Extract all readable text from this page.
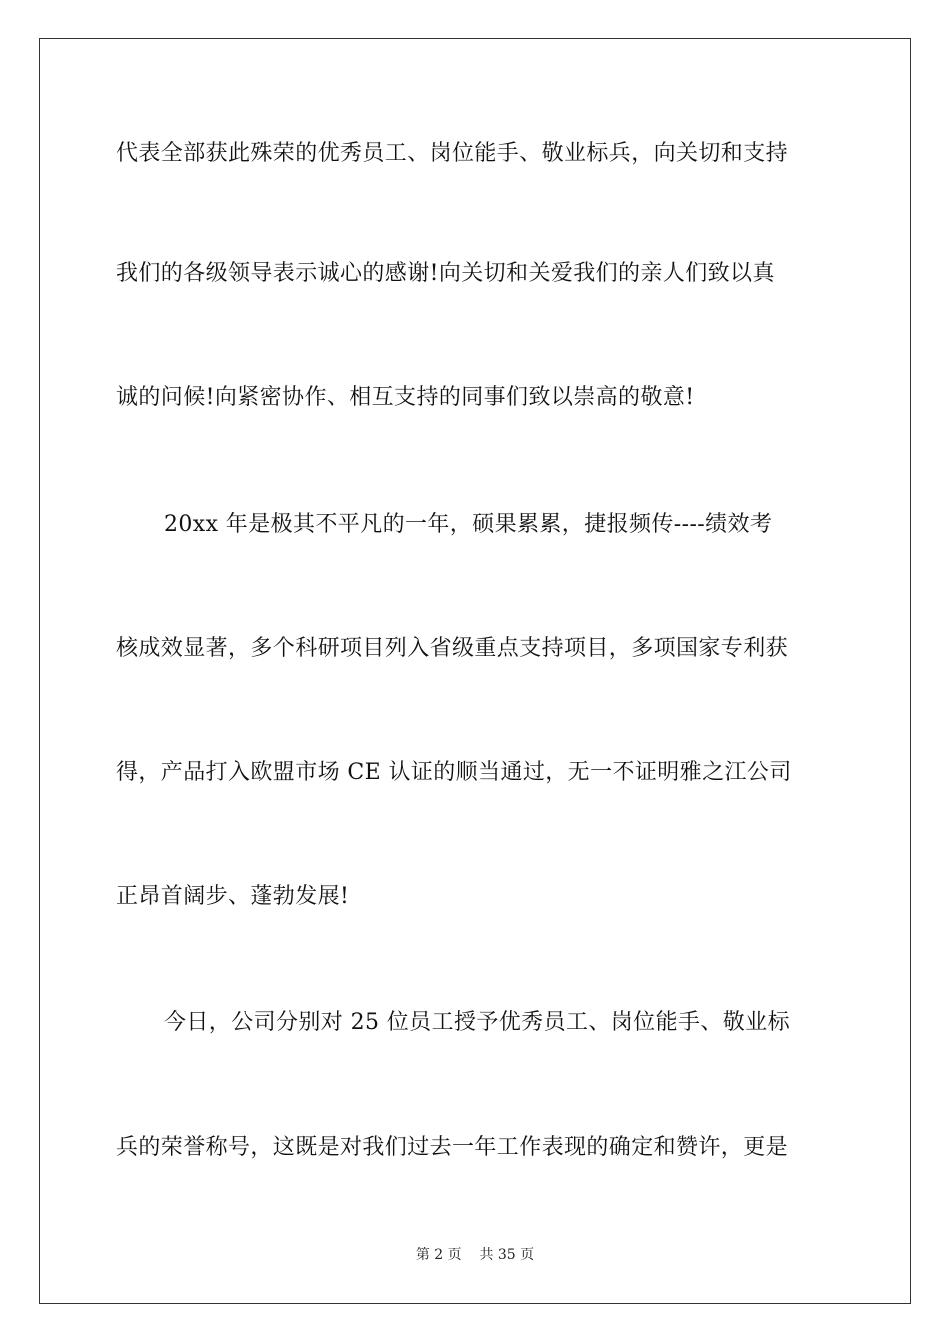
代表全部获此殊荣的优秀员工、岗位能手、敬业标兵，向关切和支持
我们的各级领导表示诚心的感谢!向关切和关爱我们的亲人们致以真
诚的问候!向紧密协作、相互支持的同事们致以崇高的敬意!
20xx 年是极其不平凡的一年，硕果累累，捷报频传----绩效考
核成效显著，多个科研项目列入省级重点支持项目，多项国家专利获
得，产品打入欧盟市场 CE 认证的顺当通过，无一不证明雅之江公司
正昂首阔步、蓬勃发展!
今日，公司分别对 25 位员工授予优秀员工、岗位能手、敬业标
兵的荣誉称号，这既是对我们过去一年工作表现的确定和赞许，更是
第 2 页 共 35 页
